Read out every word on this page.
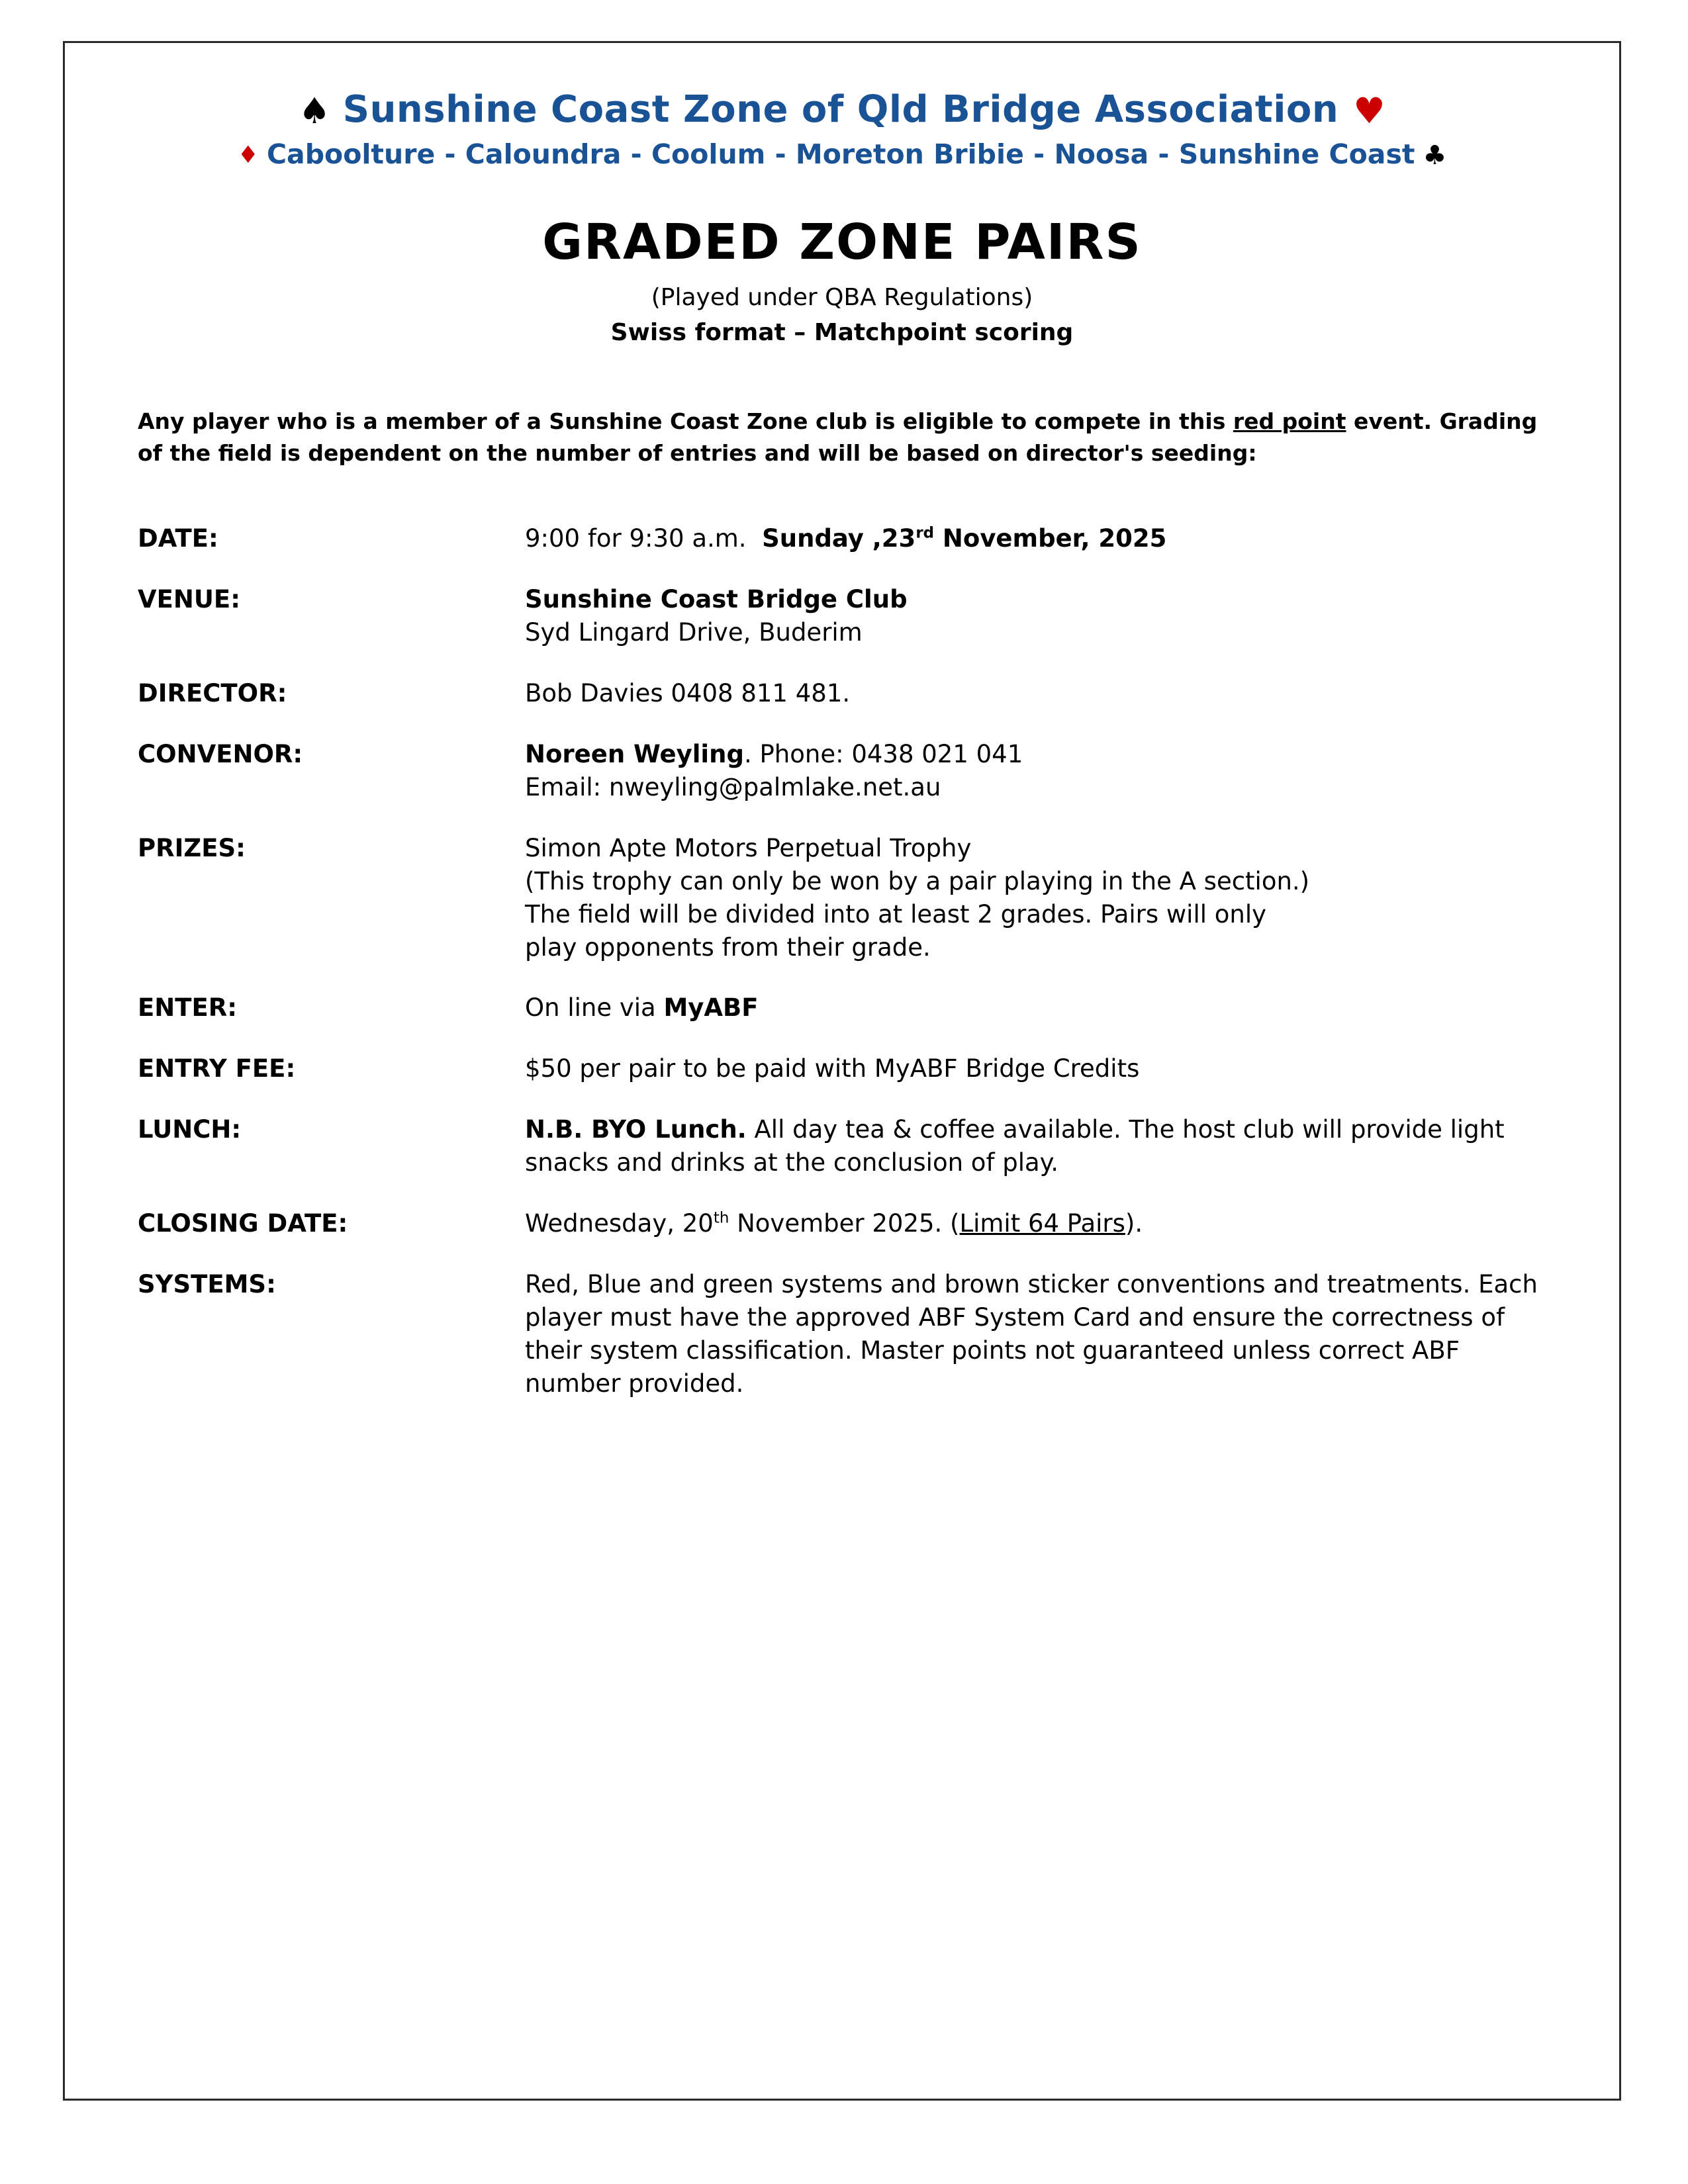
♠ Sunshine Coast Zone of Qld Bridge Association ♥
♦ Caboolture - Caloundra - Coolum - Moreton Bribie - Noosa - Sunshine Coast ♣
GRADED ZONE PAIRS
(Played under QBA Regulations)
Swiss format – Matchpoint scoring
Any player who is a member of a Sunshine Coast Zone club is eligible to compete in this red point event. Grading of the field is dependent on the number of entries and will be based on director's seeding:
DATE:	9:00 for 9:30 a.m. Sunday ,23rd November, 2025
VENUE:	Sunshine Coast Bridge Club
Syd Lingard Drive, Buderim
DIRECTOR:	Bob Davies 0408 811 481.
CONVENOR:	Noreen Weyling. Phone: 0438 021 041
Email: nweyling@palmlake.net.au
PRIZES:	Simon Apte Motors Perpetual Trophy
(This trophy can only be won by a pair playing in the A section.)
The field will be divided into at least 2 grades. Pairs will only
play opponents from their grade.
ENTER:	On line via MyABF
ENTRY FEE:	$50 per pair to be paid with MyABF Bridge Credits
LUNCH:	N.B. BYO Lunch. All day tea & coffee available. The host club will provide light snacks and drinks at the conclusion of play.
CLOSING DATE:	Wednesday, 20th November 2025. (Limit 64 Pairs).
SYSTEMS:	Red, Blue and green systems and brown sticker conventions and treatments. Each player must have the approved ABF System Card and ensure the correctness of their system classification. Master points not guaranteed unless correct ABF number provided.
